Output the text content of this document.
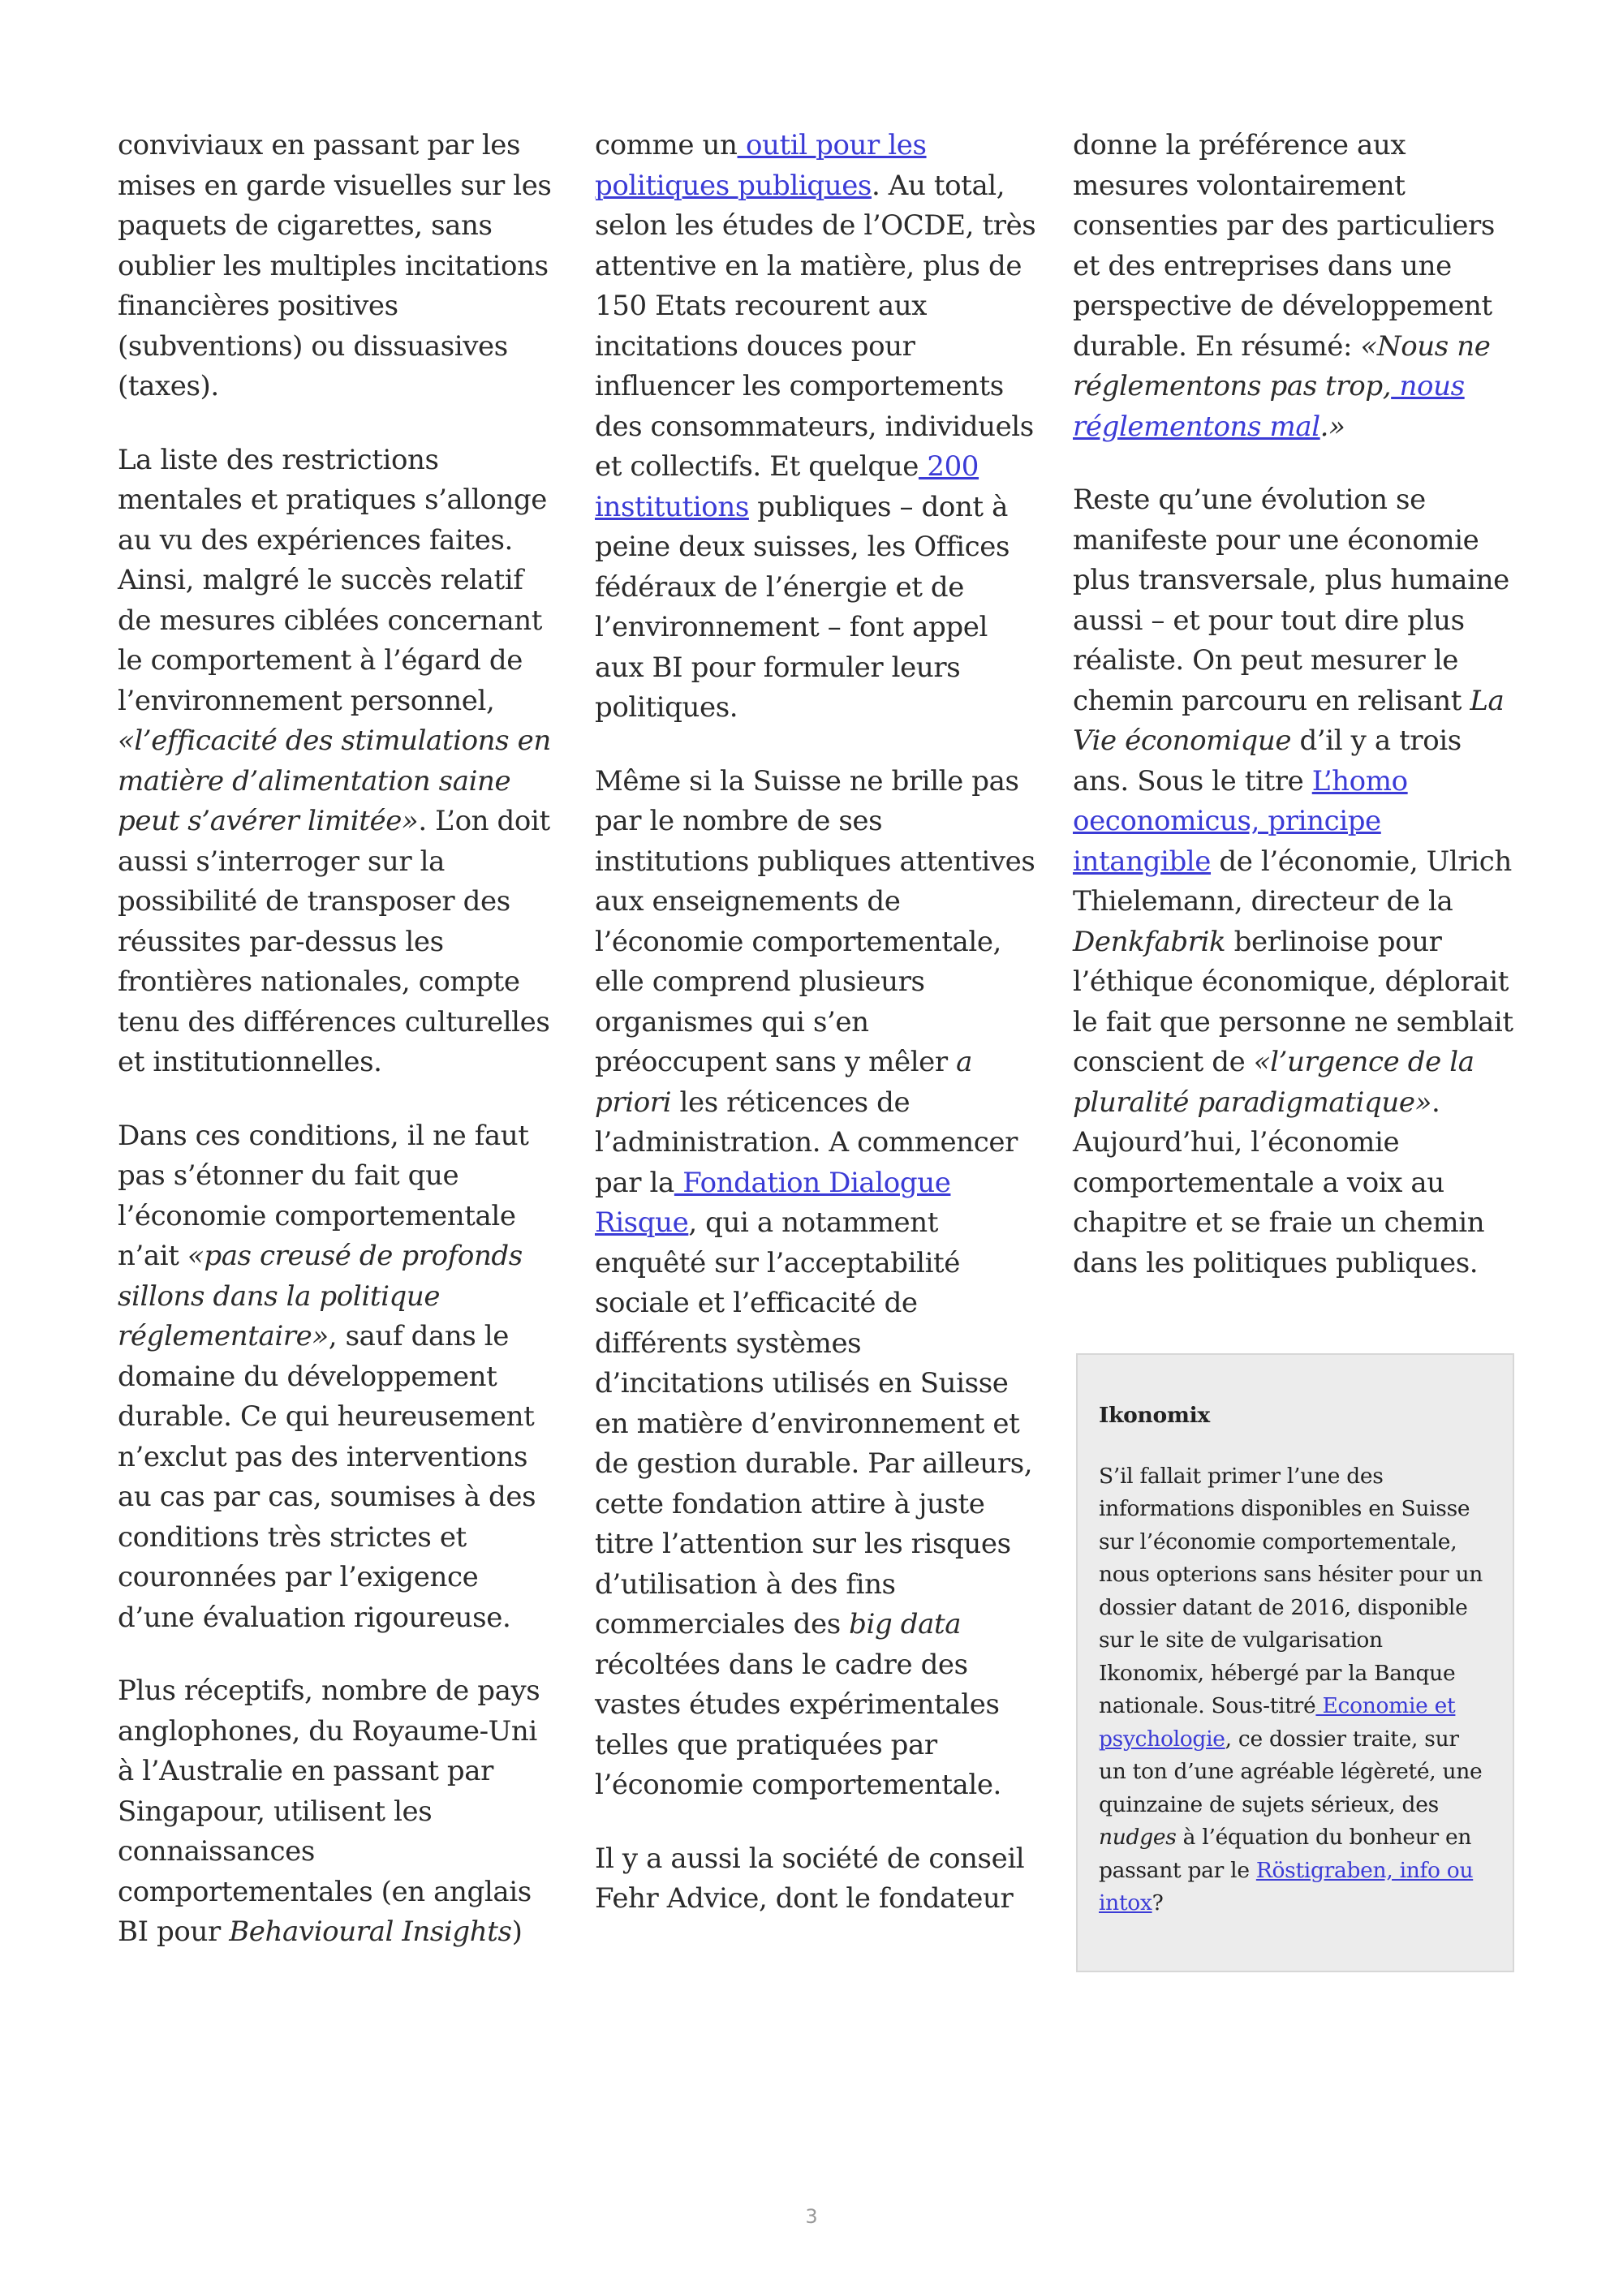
conviviaux en passant par les mises en garde visuelles sur les paquets de cigarettes, sans oublier les multiples incitations financières positives (subventions) ou dissuasives (taxes).

La liste des restrictions mentales et pratiques s’allonge au vu des expériences faites. Ainsi, malgré le succès relatif de mesures ciblées concernant le comportement à l’égard de l’environnement personnel, «l’efficacité des stimulations en matière d’alimentation saine peut s’avérer limitée». L’on doit aussi s’interroger sur la possibilité de transposer des réussites par-dessus les frontières nationales, compte tenu des différences culturelles et institutionnelles.

Dans ces conditions, il ne faut pas s’étonner du fait que l’économie comportementale n’ait «pas creusé de profonds sillons dans la politique réglementaire», sauf dans le domaine du développement durable. Ce qui heureusement n’exclut pas des interventions au cas par cas, soumises à des conditions très strictes et couronnées par l’exigence d’une évaluation rigoureuse.

Plus réceptifs, nombre de pays anglophones, du Royaume-Uni à l’Australie en passant par Singapour, utilisent les connaissances comportementales (en anglais BI pour Behavioural Insights)

comme un outil pour les politiques publiques. Au total, selon les études de l’OCDE, très attentive en la matière, plus de 150 Etats recourent aux incitations douces pour influencer les comportements des consommateurs, individuels et collectifs. Et quelque 200 institutions publiques – dont à peine deux suisses, les Offices fédéraux de l’énergie et de l’environnement – font appel aux BI pour formuler leurs politiques.

Même si la Suisse ne brille pas par le nombre de ses institutions publiques attentives aux enseignements de l’économie comportementale, elle comprend plusieurs organismes qui s’en préoccupent sans y mêler a priori les réticences de l’administration. A commencer par la Fondation Dialogue Risque, qui a notamment enquêté sur l’acceptabilité sociale et l’efficacité de différents systèmes d’incitations utilisés en Suisse en matière d’environnement et de gestion durable. Par ailleurs, cette fondation attire à juste titre l’attention sur les risques d’utilisation à des fins commerciales des big data récoltées dans le cadre des vastes études expérimentales telles que pratiquées par l’économie comportementale.

Il y a aussi la société de conseil Fehr Advice, dont le fondateur

donne la préférence aux mesures volontairement consenties par des particuliers et des entreprises dans une perspective de développement durable. En résumé: «Nous ne réglementons pas trop, nous réglementons mal.»

Reste qu’une évolution se manifeste pour une économie plus transversale, plus humaine aussi – et pour tout dire plus réaliste. On peut mesurer le chemin parcouru en relisant La Vie économique d’il y a trois ans. Sous le titre L’homo oeconomicus, principe intangible de l’économie, Ulrich Thielemann, directeur de la Denkfabrik berlinoise pour l’éthique économique, déplorait le fait que personne ne semblait conscient de «l’urgence de la pluralité paradigmatique». Aujourd’hui, l’économie comportementale a voix au chapitre et se fraie un chemin dans les politiques publiques.

Ikonomix
S’il fallait primer l’une des informations disponibles en Suisse sur l’économie comportementale, nous opterions sans hésiter pour un dossier datant de 2016, disponible sur le site de vulgarisation Ikonomix, hébergé par la Banque nationale. Sous-titré Economie et psychologie, ce dossier traite, sur un ton d’une agréable légèreté, une quinzaine de sujets sérieux, des nudges à l’équation du bonheur en passant par le Röstigraben, info ou intox?
3
